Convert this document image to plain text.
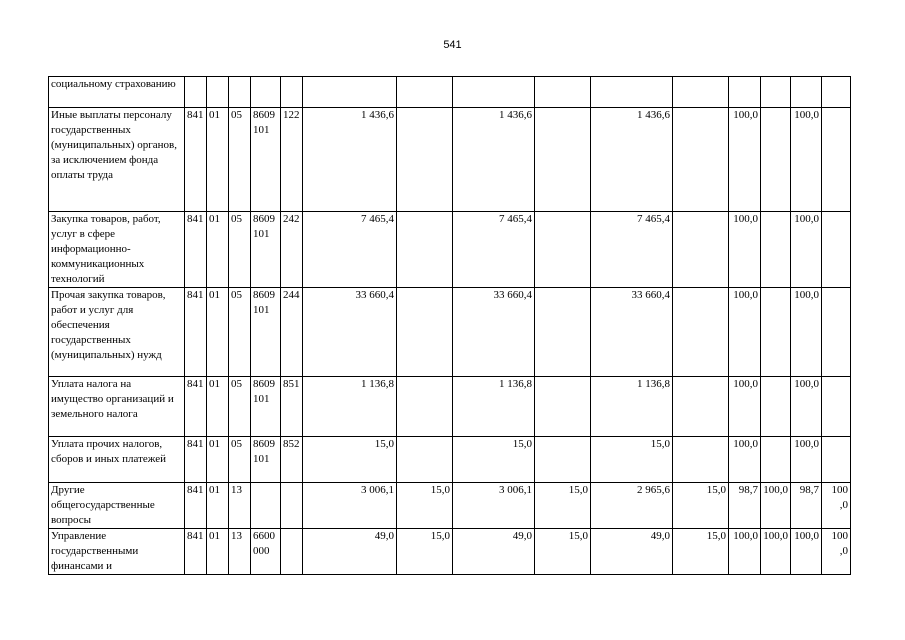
541
социальному страхованию															
Иные выплаты персоналу государственных (муниципальных) органов, за исключением фонда оплаты труда	841	01	05	8609 101	122	1 436,6		1 436,6		1 436,6		100,0		100,0	
Закупка товаров, работ, услуг в сфере информационно-коммуникационных технологий	841	01	05	8609 101	242	7 465,4		7 465,4		7 465,4		100,0		100,0	
Прочая закупка товаров, работ и услуг для обеспечения государственных (муниципальных) нужд	841	01	05	8609 101	244	33 660,4		33 660,4		33 660,4		100,0		100,0	
Уплата налога на имущество организаций и земельного налога	841	01	05	8609 101	851	1 136,8		1 136,8		1 136,8		100,0		100,0	
Уплата прочих налогов, сборов и иных платежей	841	01	05	8609 101	852	15,0		15,0		15,0		100,0		100,0	
Другие общегосударственные вопросы	841	01	13			3 006,1	15,0	3 006,1	15,0	2 965,6	15,0	98,7	100,0	98,7	100 ,0
Управление государственными финансами и	841	01	13	6600 000		49,0	15,0	49,0	15,0	49,0	15,0	100,0	100,0	100,0	100 ,0
